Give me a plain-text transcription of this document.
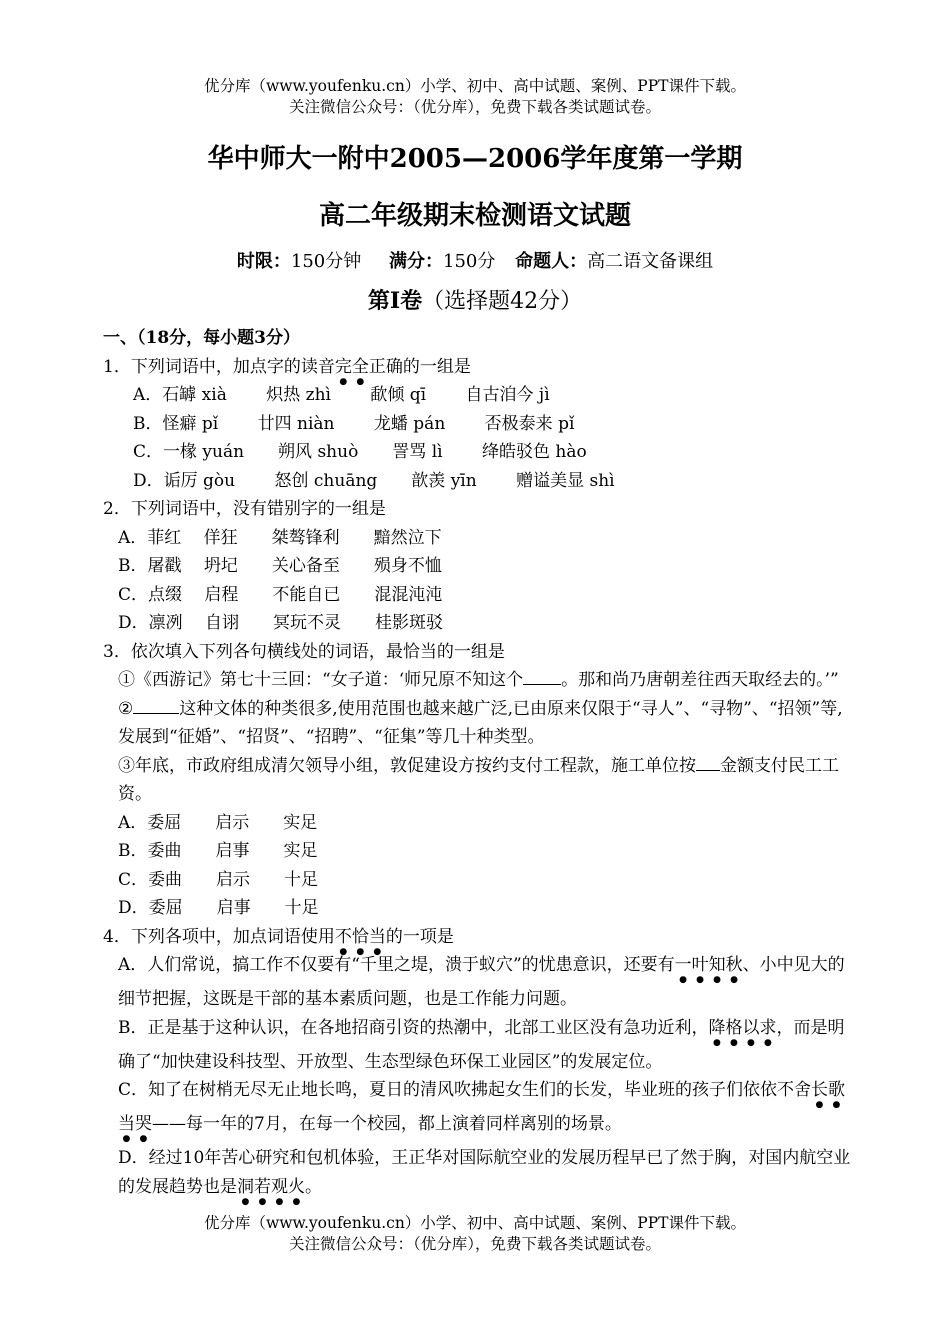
优分库（www.youfenku.cn）小学、初中、高中试题、案例、PPT课件下载。
关注微信公众号：（优分库），免费下载各类试题试卷。
华中师大一附中2005—2006学年度第一学期
高二年级期末检测语文试题
时限：150分钟 满分：150分 命题人：高二语文备课组
第Ⅰ卷（选择题42分）
一、（18分，每小题3分）
1．下列词语中，加点字的读音完全正确的一组是
A．石罅 xià　　 炽热 zhì　　 歃倾 qī　　 自古洎今 jì
B．怪癖 pǐ　　 廿四 niàn　　 龙蟠 pán　　 否极泰来 pǐ
C．一椽 yuán　　朔风 shuò　　詈骂 lì　　 绛皓驳色 hào
D．诟厉 gòu　　 怒创 chuāng　　歆羡 yīn　　 赠谥美显 shì
2．下列词语中，没有错别字的一组是
A．菲红　 佯狂　　桀骜锋利　　黯然泣下
B．屠戳　 坍圮　　关心备至　　殒身不恤
C．点缀　 启程　　不能自已　　混混沌沌
D．凛冽　 自诩　　冥玩不灵　　桂影斑驳
3．依次填入下列各句横线处的词语，最恰当的一组是
①《西游记》第七十三回：“女子道：‘师兄原不知这个 。那和尚乃唐朝差往西天取经去的。’”
②	这种文体的种类很多,使用范围也越来越广泛,已由原来仅限于“寻人”、“寻物”、“招领”等,发展到“征婚”、“招贤”、“招聘”、“征集”等几十种类型。
③年底，市政府组成清欠领导小组，敦促建设方按约支付工程款，施工单位按 金额支付民工工资。
A．委屈　　启示　　实足
B．委曲　　启事　　实足
C．委曲　　启示　　十足
D．委屈　　启事　　十足
4．下列各项中，加点词语使用不恰当的一项是
A．人们常说，搞工作不仅要有“千里之堤，溃于蚁穴”的忧患意识，还要有一叶知秋、小中见大的细节把握，这既是干部的基本素质问题，也是工作能力问题。
B．正是基于这种认识，在各地招商引资的热潮中，北部工业区没有急功近利，降格以求，而是明确了“加快建设科技型、开放型、生态型绿色环保工业园区”的发展定位。
C．知了在树梢无尽无止地长鸣，夏日的清风吹拂起女生们的长发，毕业班的孩子们依依不舍长歌当哭——每一年的7月，在每一个校园，都上演着同样离别的场景。
D．经过10年苦心研究和包机体验，王正华对国际航空业的发展历程早已了然于胸，对国内航空业的发展趋势也是洞若观火。
优分库（www.youfenku.cn）小学、初中、高中试题、案例、PPT课件下载。
关注微信公众号：（优分库），免费下载各类试题试卷。
